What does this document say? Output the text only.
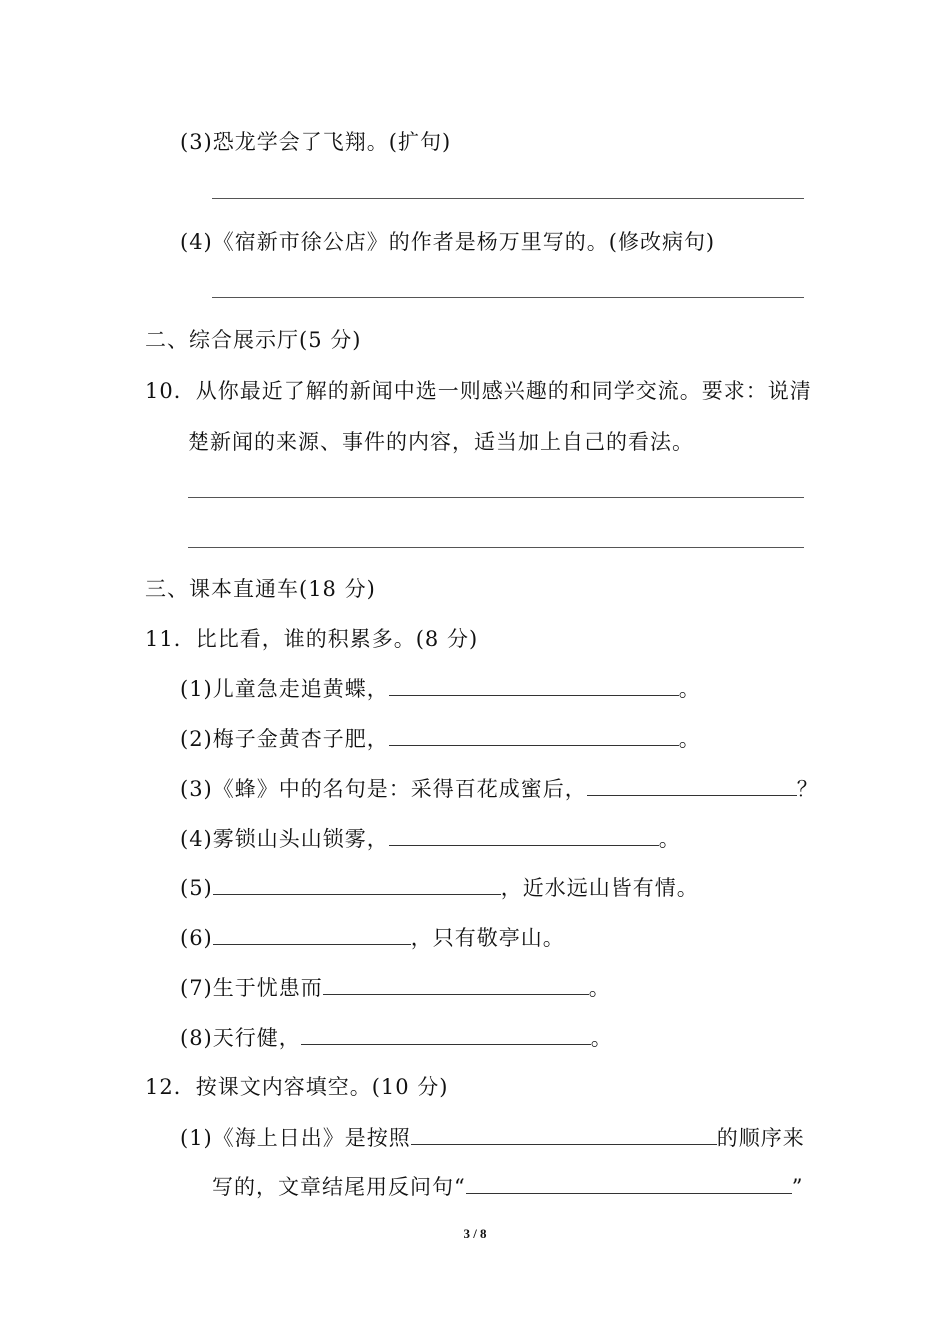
(3)恐龙学会了飞翔。(扩句)
(4)《宿新市徐公店》的作者是杨万里写的。(修改病句)
二、综合展示厅(5 分)
10．从你最近了解的新闻中选一则感兴趣的和同学交流。要求：说清
楚新闻的来源、事件的内容，适当加上自己的看法。
三、课本直通车(18 分)
11．比比看，谁的积累多。(8 分)
(1)儿童急走追黄蝶，	。
(2)梅子金黄杏子肥，	。
(3)《蜂》中的名句是：采得百花成蜜后，	？
(4)雾锁山头山锁雾，	。
(5)	，近水远山皆有情。
(6)	，只有敬亭山。
(7)生于忧患而	。
(8)天行健，	。
12．按课文内容填空。(10 分)
(1)《海上日出》是按照	的顺序来
写的，文章结尾用反问句“	”
3 / 8
